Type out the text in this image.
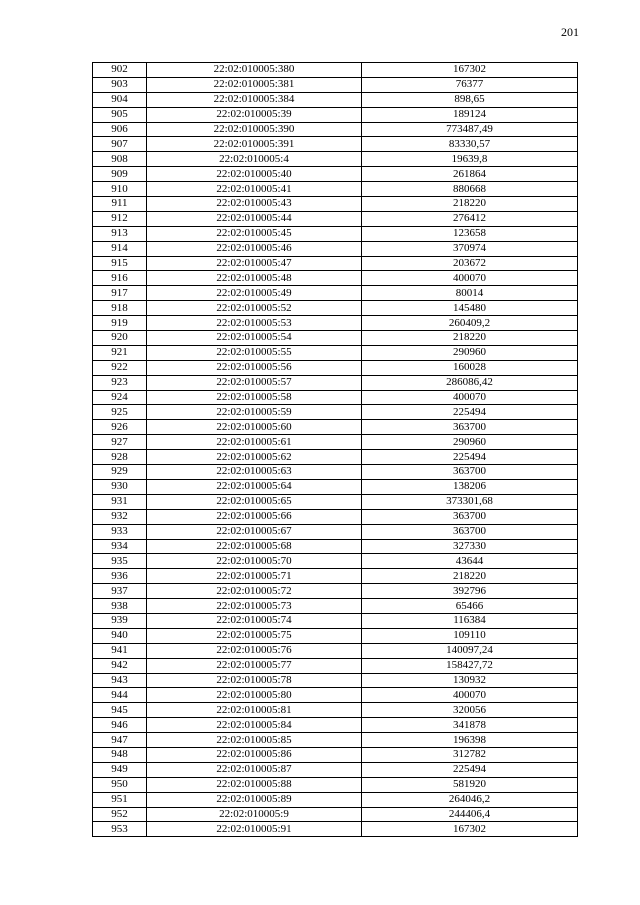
201
902	22:02:010005:380	167302
903	22:02:010005:381	76377
904	22:02:010005:384	898,65
905	22:02:010005:39	189124
906	22:02:010005:390	773487,49
907	22:02:010005:391	83330,57
908	22:02:010005:4	19639,8
909	22:02:010005:40	261864
910	22:02:010005:41	880668
911	22:02:010005:43	218220
912	22:02:010005:44	276412
913	22:02:010005:45	123658
914	22:02:010005:46	370974
915	22:02:010005:47	203672
916	22:02:010005:48	400070
917	22:02:010005:49	80014
918	22:02:010005:52	145480
919	22:02:010005:53	260409,2
920	22:02:010005:54	218220
921	22:02:010005:55	290960
922	22:02:010005:56	160028
923	22:02:010005:57	286086,42
924	22:02:010005:58	400070
925	22:02:010005:59	225494
926	22:02:010005:60	363700
927	22:02:010005:61	290960
928	22:02:010005:62	225494
929	22:02:010005:63	363700
930	22:02:010005:64	138206
931	22:02:010005:65	373301,68
932	22:02:010005:66	363700
933	22:02:010005:67	363700
934	22:02:010005:68	327330
935	22:02:010005:70	43644
936	22:02:010005:71	218220
937	22:02:010005:72	392796
938	22:02:010005:73	65466
939	22:02:010005:74	116384
940	22:02:010005:75	109110
941	22:02:010005:76	140097,24
942	22:02:010005:77	158427,72
943	22:02:010005:78	130932
944	22:02:010005:80	400070
945	22:02:010005:81	320056
946	22:02:010005:84	341878
947	22:02:010005:85	196398
948	22:02:010005:86	312782
949	22:02:010005:87	225494
950	22:02:010005:88	581920
951	22:02:010005:89	264046,2
952	22:02:010005:9	244406,4
953	22:02:010005:91	167302
